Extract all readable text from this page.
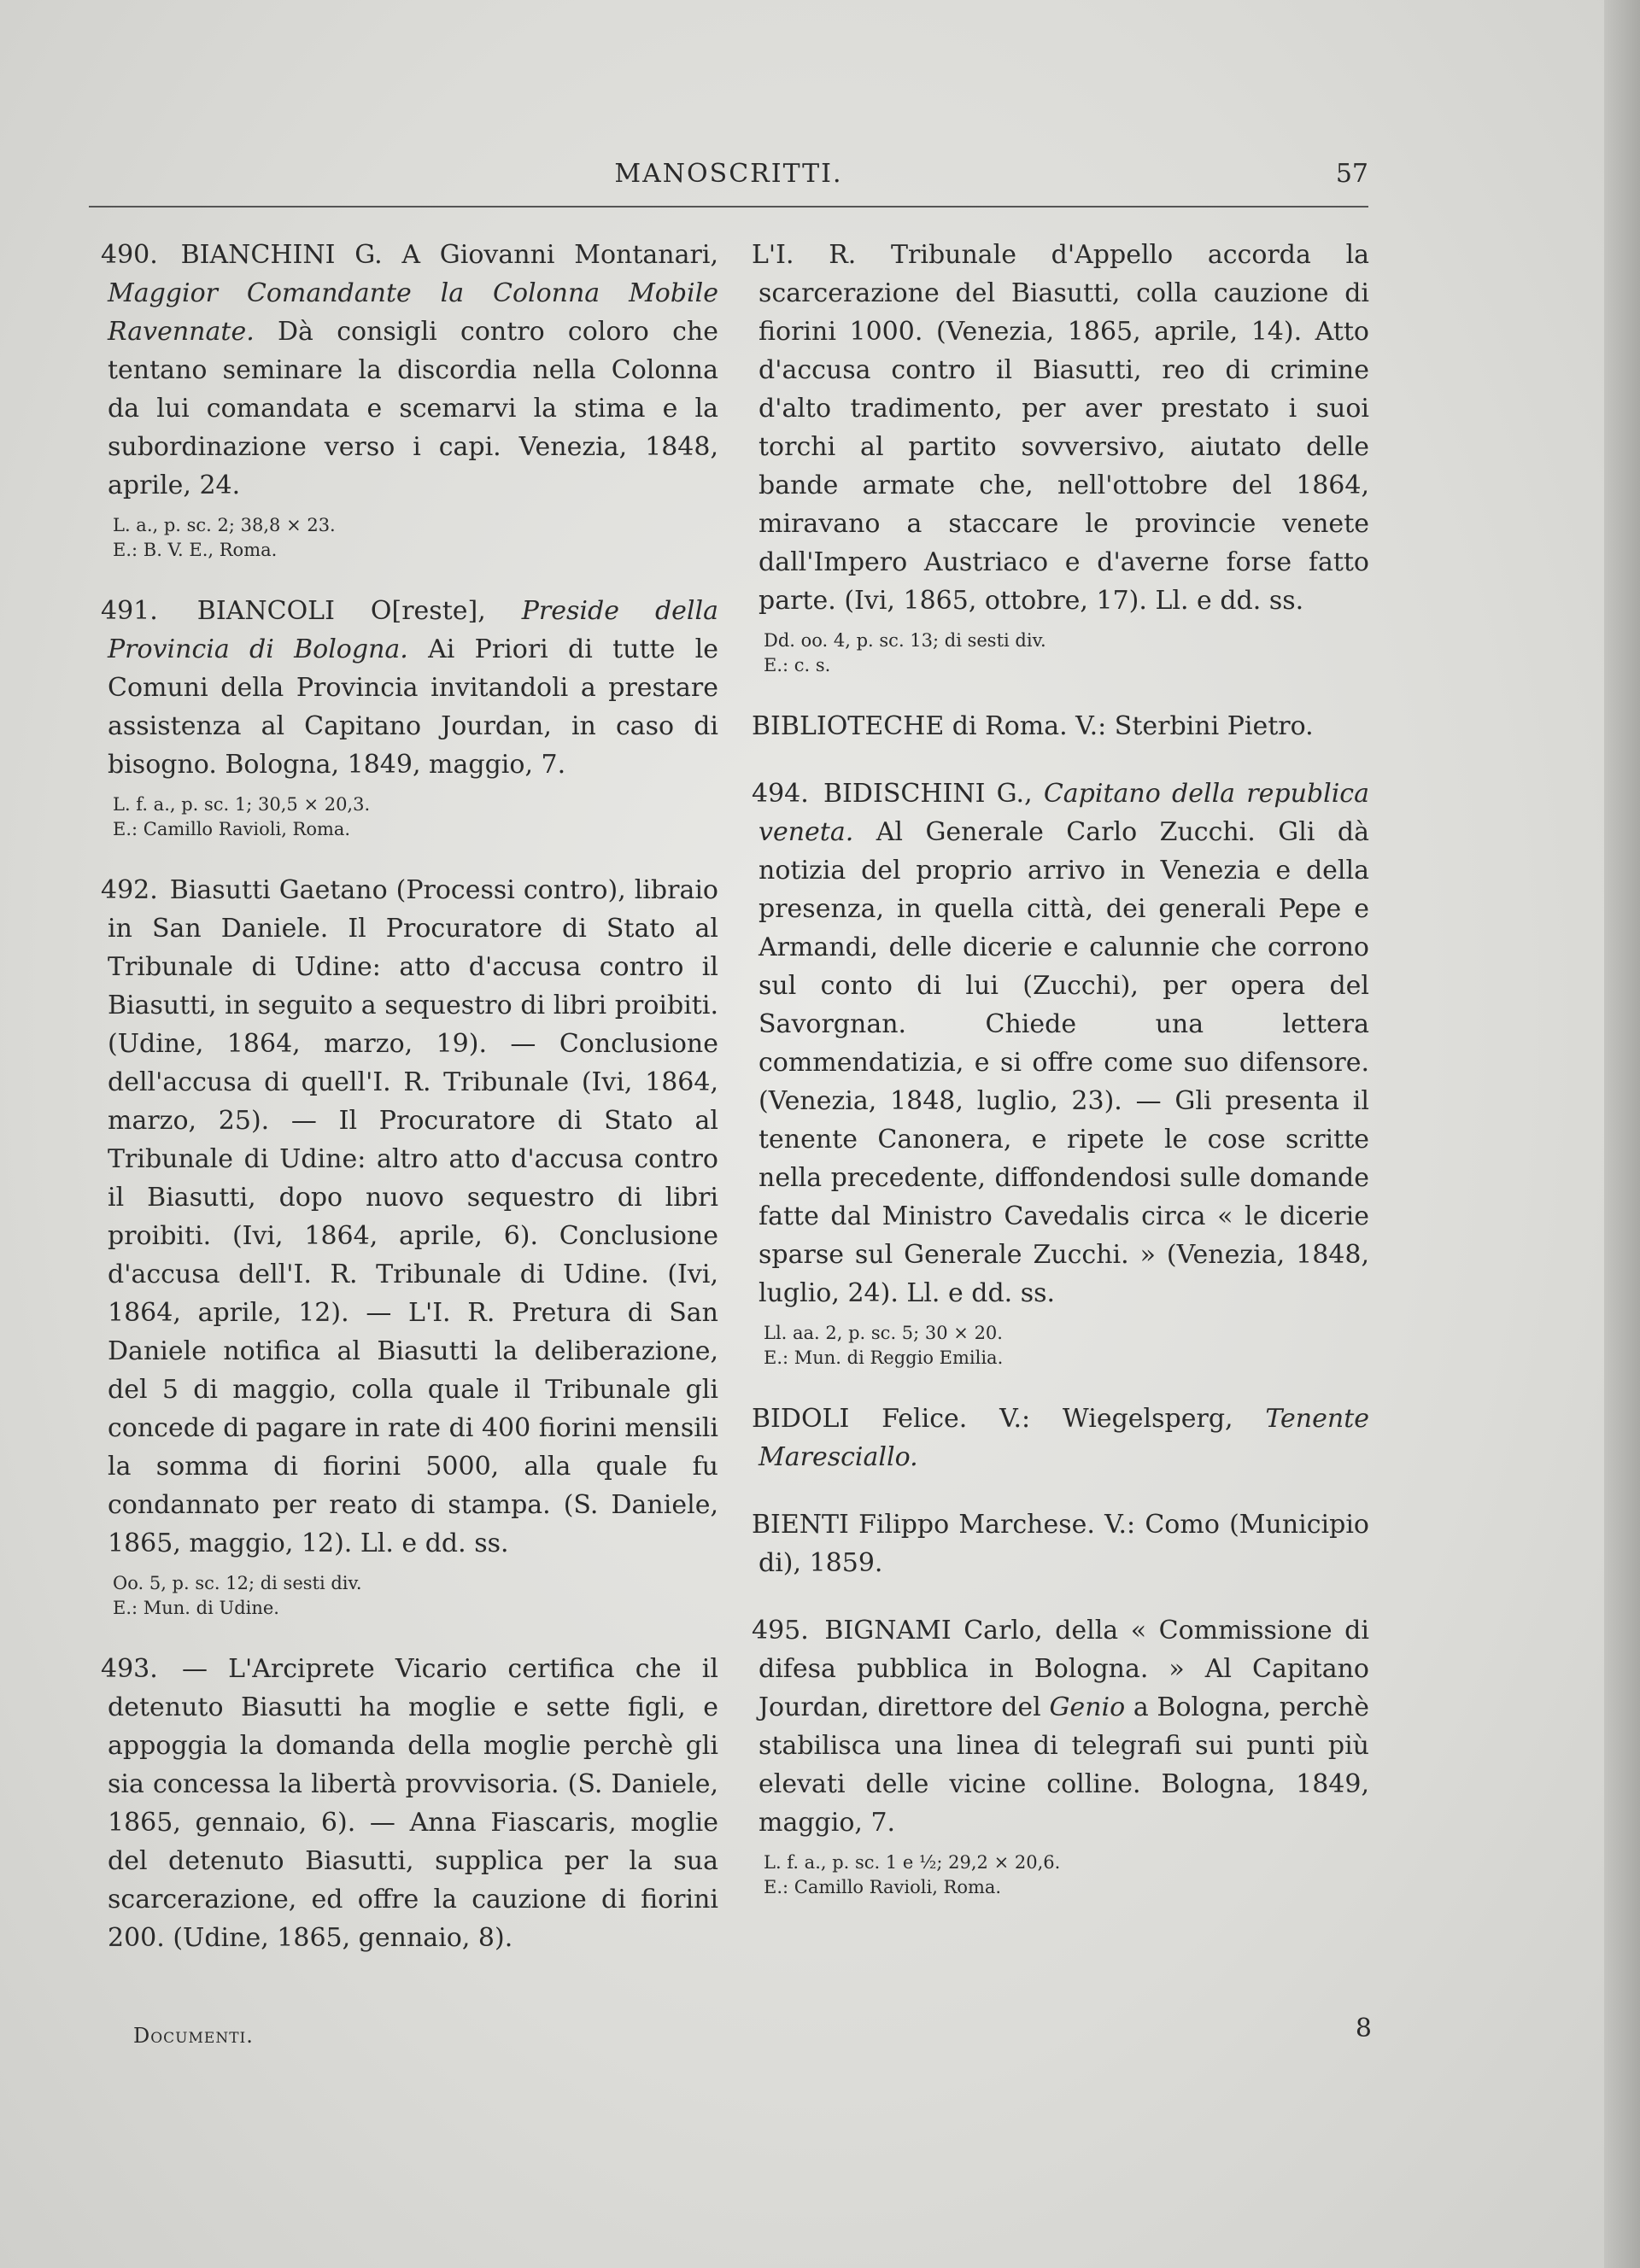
MANOSCRITTI.	57
490. BIANCHINI G. A Giovanni Montanari, Maggior Comandante la Colonna Mobile Ravennate. Dà consigli contro coloro che tentano seminare la discordia nella Colonna da lui comandata e scemarvi la stima e la subordinazione verso i capi. Venezia, 1848, aprile, 24.
L. a., p. sc. 2; 38,8 × 23.
E.: B. V. E., Roma.
491. BIANCOLI O[reste], Preside della Provincia di Bologna. Ai Priori di tutte le Comuni della Provincia invitandoli a prestare assistenza al Capitano Jourdan, in caso di bisogno. Bologna, 1849, maggio, 7.
L. f. a., p. sc. 1; 30,5 × 20,3.
E.: Camillo Ravioli, Roma.
492. Biasutti Gaetano (Processi contro), libraio in San Daniele. Il Procuratore di Stato al Tribunale di Udine: atto d'accusa contro il Biasutti, in seguito a sequestro di libri proibiti. (Udine, 1864, marzo, 19). — Conclusione dell'accusa di quell'I. R. Tribunale (Ivi, 1864, marzo, 25). — Il Procuratore di Stato al Tribunale di Udine: altro atto d'accusa contro il Biasutti, dopo nuovo sequestro di libri proibiti. (Ivi, 1864, aprile, 6). Conclusione d'accusa dell'I. R. Tribunale di Udine. (Ivi, 1864, aprile, 12). — L'I. R. Pretura di San Daniele notifica al Biasutti la deliberazione, del 5 di maggio, colla quale il Tribunale gli concede di pagare in rate di 400 fiorini mensili la somma di fiorini 5000, alla quale fu condannato per reato di stampa. (S. Daniele, 1865, maggio, 12). Ll. e dd. ss.
Oo. 5, p. sc. 12; di sesti div.
E.: Mun. di Udine.
493. — L'Arciprete Vicario certifica che il detenuto Biasutti ha moglie e sette figli, e appoggia la domanda della moglie perchè gli sia concessa la libertà provvisoria. (S. Daniele, 1865, gennaio, 6). — Anna Fiascaris, moglie del detenuto Biasutti, supplica per la sua scarcerazione, ed offre la cauzione di fiorini 200. (Udine, 1865, gennaio, 8).
L'I. R. Tribunale d'Appello accorda la scarcerazione del Biasutti, colla cauzione di fiorini 1000. (Venezia, 1865, aprile, 14). Atto d'accusa contro il Biasutti, reo di crimine d'alto tradimento, per aver prestato i suoi torchi al partito sovversivo, aiutato delle bande armate che, nell'ottobre del 1864, miravano a staccare le provincie venete dall'Impero Austriaco e d'averne forse fatto parte. (Ivi, 1865, ottobre, 17). Ll. e dd. ss.
Dd. oo. 4, p. sc. 13; di sesti div.
E.: c. s.
BIBLIOTECHE di Roma. V.: Sterbini Pietro.
494. BIDISCHINI G., Capitano della republica veneta. Al Generale Carlo Zucchi. Gli dà notizia del proprio arrivo in Venezia e della presenza, in quella città, dei generali Pepe e Armandi, delle dicerie e calunnie che corrono sul conto di lui (Zucchi), per opera del Savorgnan. Chiede una lettera commendatizia, e si offre come suo difensore. (Venezia, 1848, luglio, 23). — Gli presenta il tenente Canonera, e ripete le cose scritte nella precedente, diffondendosi sulle domande fatte dal Ministro Cavedalis circa « le dicerie sparse sul Generale Zucchi. » (Venezia, 1848, luglio, 24). Ll. e dd. ss.
Ll. aa. 2, p. sc. 5; 30 × 20.
E.: Mun. di Reggio Emilia.
BIDOLI Felice. V.: Wiegelsperg, Tenente Maresciallo.
BIENTI Filippo Marchese. V.: Como (Municipio di), 1859.
495. BIGNAMI Carlo, della « Commissione di difesa pubblica in Bologna. » Al Capitano Jourdan, direttore del Genio a Bologna, perchè stabilisca una linea di telegrafi sui punti più elevati delle vicine colline. Bologna, 1849, maggio, 7.
L. f. a., p. sc. 1 e ½; 29,2 × 20,6.
E.: Camillo Ravioli, Roma.
Documenti.	8
